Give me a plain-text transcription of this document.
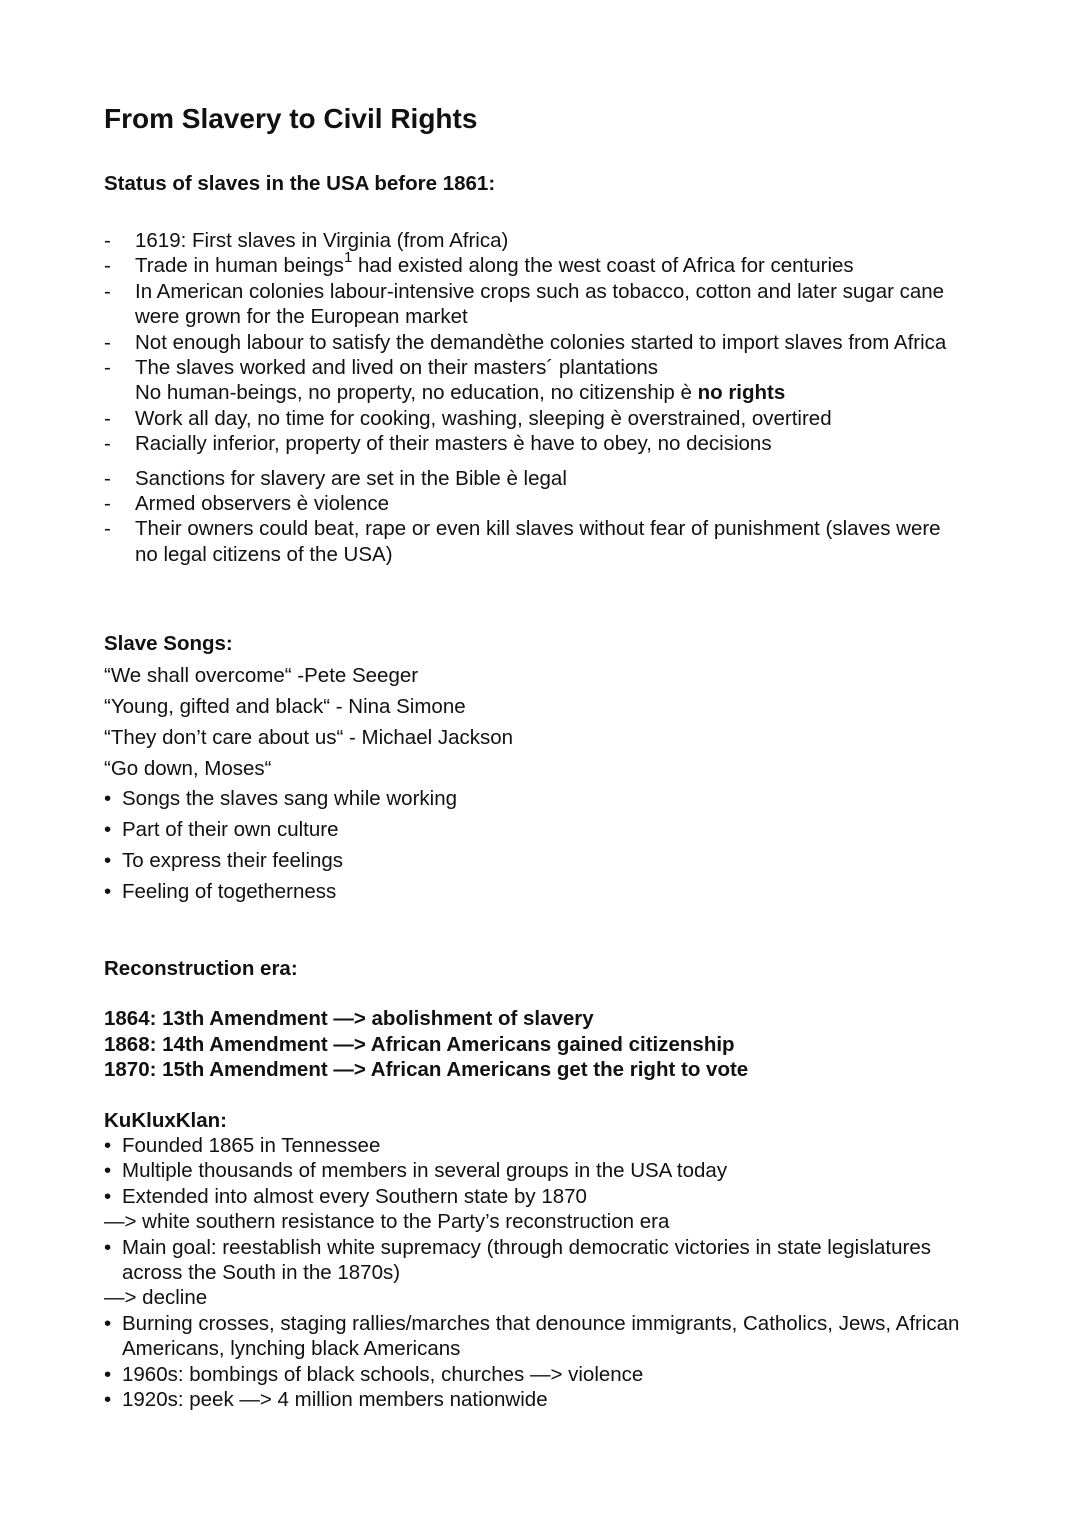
From Slavery to Civil Rights
Status of slaves in the USA before 1861:
- 1619: First slaves in Virginia (from Africa)
- Trade in human beings$^1$ had existed along the west coast of Africa for centuries
- In American colonies labour-intensive crops such as tobacco, cotton and later sugar cane were grown for the European market
- Not enough labour to satisfy the demandèthe colonies started to import slaves from Africa
- The slaves worked and lived on their masters´ plantations
No human-beings, no property, no education, no citizenship è no rights
- Work all day, no time for cooking, washing, sleeping è overstrained, overtired
- Racially inferior, property of their masters è have to obey, no decisions
- Sanctions for slavery are set in the Bible è legal
- Armed observers è violence
- Their owners could beat, rape or even kill slaves without fear of punishment (slaves were no legal citizens of the USA)
Slave Songs:
“We shall overcome“ -Pete Seeger
“Young, gifted and black“ - Nina Simone
“They don’t care about us“ - Michael Jackson
“Go down, Moses“
• Songs the slaves sang while working
• Part of their own culture
• To express their feelings
• Feeling of togetherness
Reconstruction era:
1864: 13th Amendment —> abolishment of slavery
1868: 14th Amendment —> African Americans gained citizenship
1870: 15th Amendment —> African Americans get the right to vote
KuKluxKlan:
• Founded 1865 in Tennessee
• Multiple thousands of members in several groups in the USA today
• Extended into almost every Southern state by 1870
—> white southern resistance to the Party’s reconstruction era
• Main goal: reestablish white supremacy (through democratic victories in state legislatures across the South in the 1870s)
—> decline
• Burning crosses, staging rallies/marches that denounce immigrants, Catholics, Jews, African Americans, lynching black Americans
• 1960s: bombings of black schools, churches —> violence
• 1920s: peek —> 4 million members nationwide
